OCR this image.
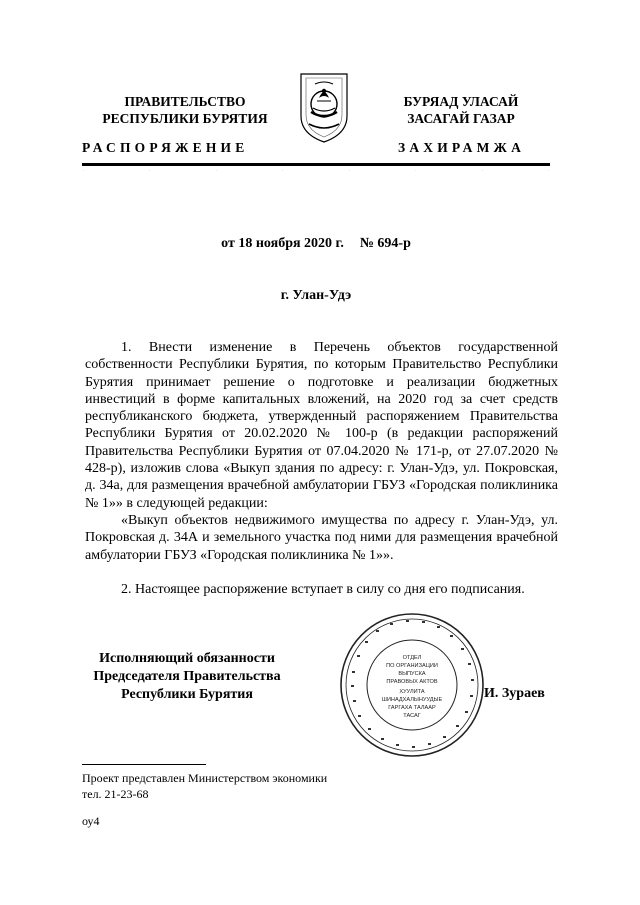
ПРАВИТЕЛЬСТВО
РЕСПУБЛИКИ БУРЯТИЯ
БУРЯАД УЛАСАЙ
ЗАСАГАЙ ГАЗАР
РАСПОРЯЖЕНИЕ	ЗАХИРАМЖА
˙	˙	˙	˙	˙	˙	˙	˙
от 18 ноября 2020 г. № 694-р
г. Улан-Удэ

1. Внести изменение в Перечень объектов государственной собственности Республики Бурятия, по которым Правительство Республики Бурятия принимает решение о подготовке и реализации бюджетных инвестиций в форме капитальных вложений, на 2020 год за счет средств республиканского бюджета, утвержденный распоряжением Правительства Республики Бурятия от 20.02.2020 № 100-р (в редакции распоряжений Правительства Республики Бурятия от 07.04.2020 № 171-р, от 27.07.2020 № 428-р), изложив слова «Выкуп здания по адресу: г. Улан-Удэ, ул. Покровская, д. 34а, для размещения врачебной амбулатории ГБУЗ «Городская поликлиника № 1»» в следующей редакции:

«Выкуп объектов недвижимого имущества по адресу г. Улан-Удэ, ул. Покровская д. 34А и земельного участка под ними для размещения врачебной амбулатории ГБУЗ «Городская поликлиника № 1»».

2. Настоящее распоряжение вступает в силу со дня его подписания.

Исполняющий обязанности
Председателя Правительства
Республики Бурятия
ОТДЕЛ
ПО ОРГАНИЗАЦИИ
ВЫПУСКА
ПРАВОВЫХ АКТОВ
ХУУЛИТА
ШИНАДХАЛЫНУУДЫЕ
ГАРГАХА ТАЛААР
ТАСАГ
И. Зураев
Проект представлен Министерством экономики
тел. 21-23-68
оу4
